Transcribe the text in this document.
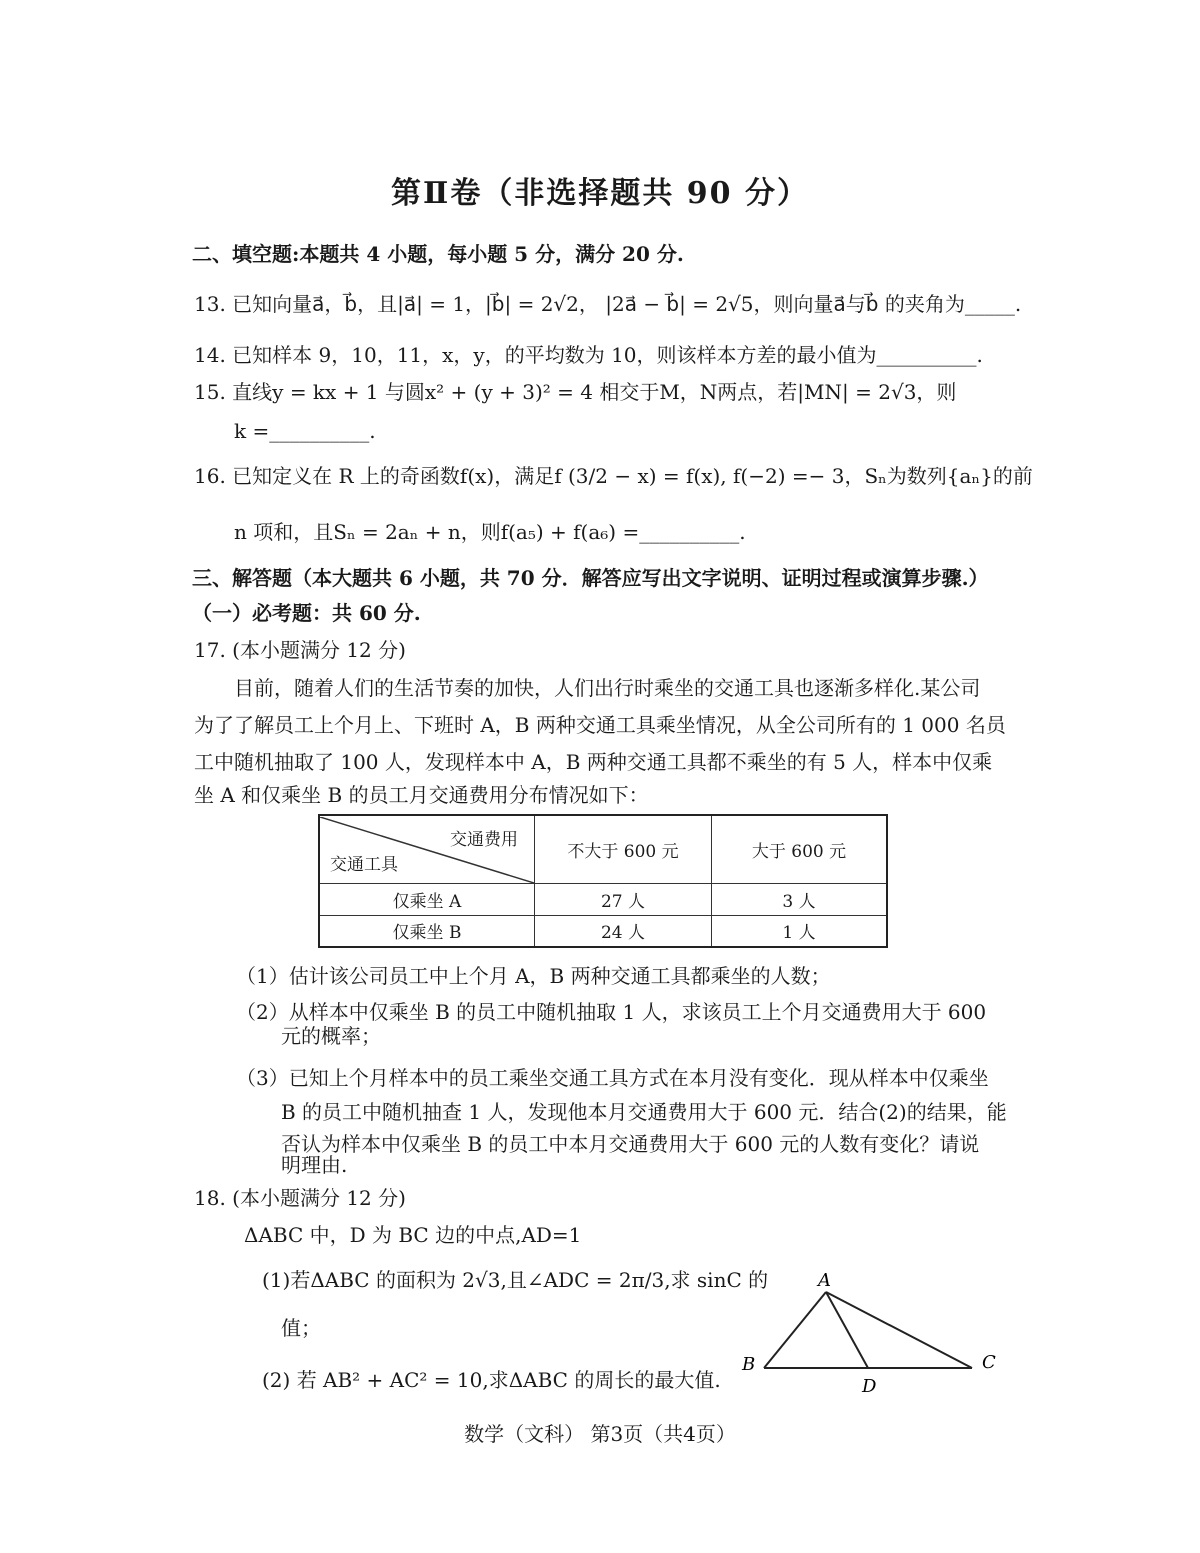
第Ⅱ卷（非选择题共 90 分）
二、填空题:本题共 4 小题，每小题 5 分，满分 20 分.
13. 已知向量a⃗，b⃗，且|a⃗| = 1，|b⃗| = 2√2， |2a⃗ − b⃗| = 2√5，则向量a⃗与b⃗ 的夹角为_____.
14. 已知样本 9，10，11，x，y，的平均数为 10，则该样本方差的最小值为__________.
15. 直线y = kx + 1 与圆x² + (y + 3)² = 4 相交于M，N两点，若|MN| = 2√3，则
k =__________.
16. 已知定义在 R 上的奇函数f(x)，满足f (3/2 − x) = f(x), f(−2) =− 3，Sₙ为数列{aₙ}的前
n 项和，且Sₙ = 2aₙ + n，则f(a₅) + f(a₆) =__________.
三、解答题（本大题共 6 小题，共 70 分．解答应写出文字说明、证明过程或演算步骤.）
（一）必考题：共 60 分.
17. (本小题满分 12 分)
目前，随着人们的生活节奏的加快，人们出行时乘坐的交通工具也逐渐多样化.某公司
为了了解员工上个月上、下班时 A，B 两种交通工具乘坐情况，从全公司所有的 1 000 名员
工中随机抽取了 100 人，发现样本中 A，B 两种交通工具都不乘坐的有 5 人，样本中仅乘
坐 A 和仅乘坐 B 的员工月交通费用分布情况如下：
交通费用
交通工具	不大于 600 元	大于 600 元
仅乘坐 A	27 人	3 人
仅乘坐 B	24 人	1 人
（1）估计该公司员工中上个月 A，B 两种交通工具都乘坐的人数；
（2）从样本中仅乘坐 B 的员工中随机抽取 1 人，求该员工上个月交通费用大于 600
元的概率；
（3）已知上个月样本中的员工乘坐交通工具方式在本月没有变化．现从样本中仅乘坐
B 的员工中随机抽查 1 人，发现他本月交通费用大于 600 元．结合(2)的结果，能
否认为样本中仅乘坐 B 的员工中本月交通费用大于 600 元的人数有变化？请说
明理由.
18. (本小题满分 12 分)
ΔABC 中，D 为 BC 边的中点,AD=1
(1)若ΔABC 的面积为 2√3,且∠ADC = 2π/3,求 sinC 的
值；
(2) 若 AB² + AC² = 10,求ΔABC 的周长的最大值.
A
B	C
D
数学（文科） 第3页（共4页）
